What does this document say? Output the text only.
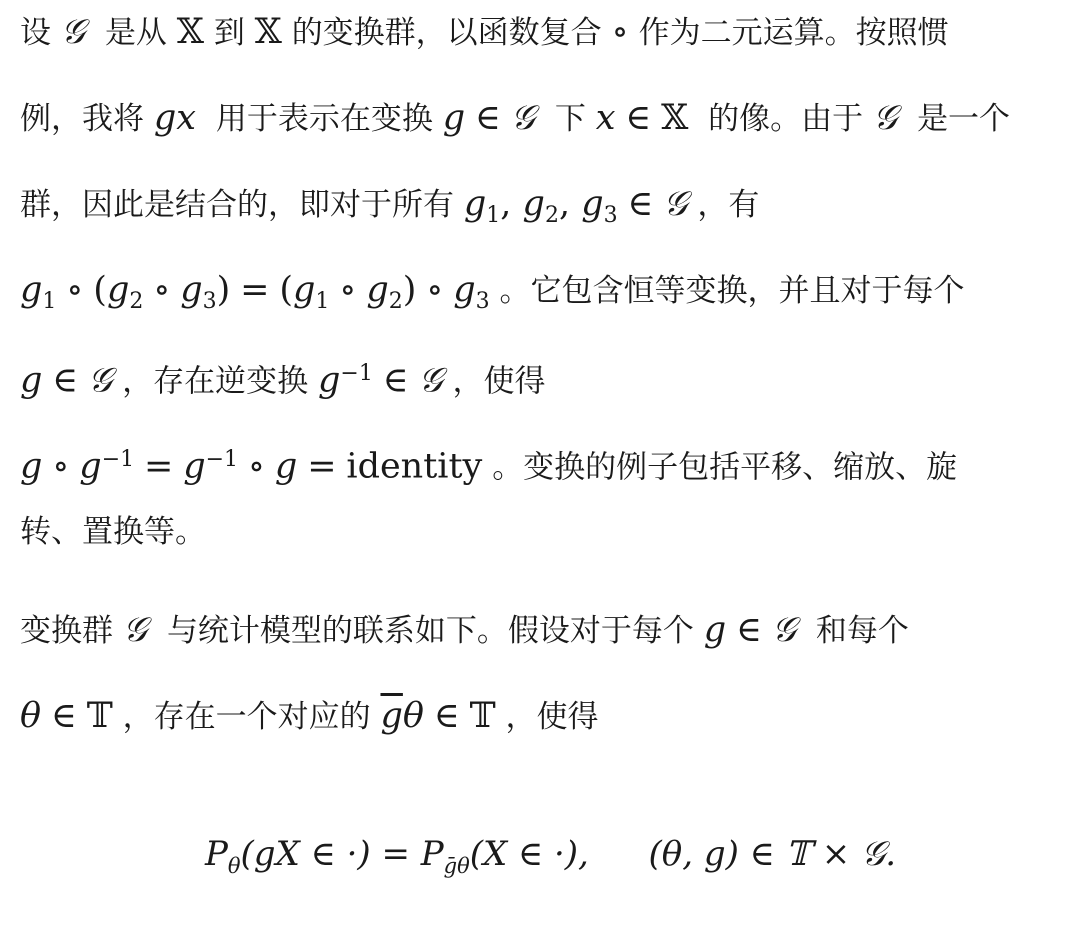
设 𝒢 是从 𝕏 到 𝕏 的变换群，以函数复合 ∘ 作为二元运算。按照惯
例，我将 gx 用于表示在变换 g ∈ 𝒢 下 x ∈ 𝕏 的像。由于 𝒢 是一个
群，因此是结合的，即对于所有 $g_1$, $g_2$, $g_3$ ∈ 𝒢 ，有
$g_1$ ∘ ($g_2$ ∘ $g_3) = (g_1$ ∘ $g_2$) ∘ $g_3$ 。它包含恒等变换，并且对于每个
g ∈ 𝒢 ，存在逆变换 $g^{-1}$ ∈ 𝒢 ，使得
g ∘ $g^{-1} = g^{-1}$ ∘ g = identity 。变换的例子包括平移、缩放、旋
转、置换等。
变换群 𝒢 与统计模型的联系如下。假设对于每个 g ∈ 𝒢 和每个
θ ∈ 𝕋 ，存在一个对应的 $\overline{g}\theta$ ∈ 𝕋 ，使得
$P_\theta(gX$ ∈ ·) = $P_{ḡ\theta}(X$ ∈ ·), (θ, g) ∈ 𝕋 × 𝒢.
